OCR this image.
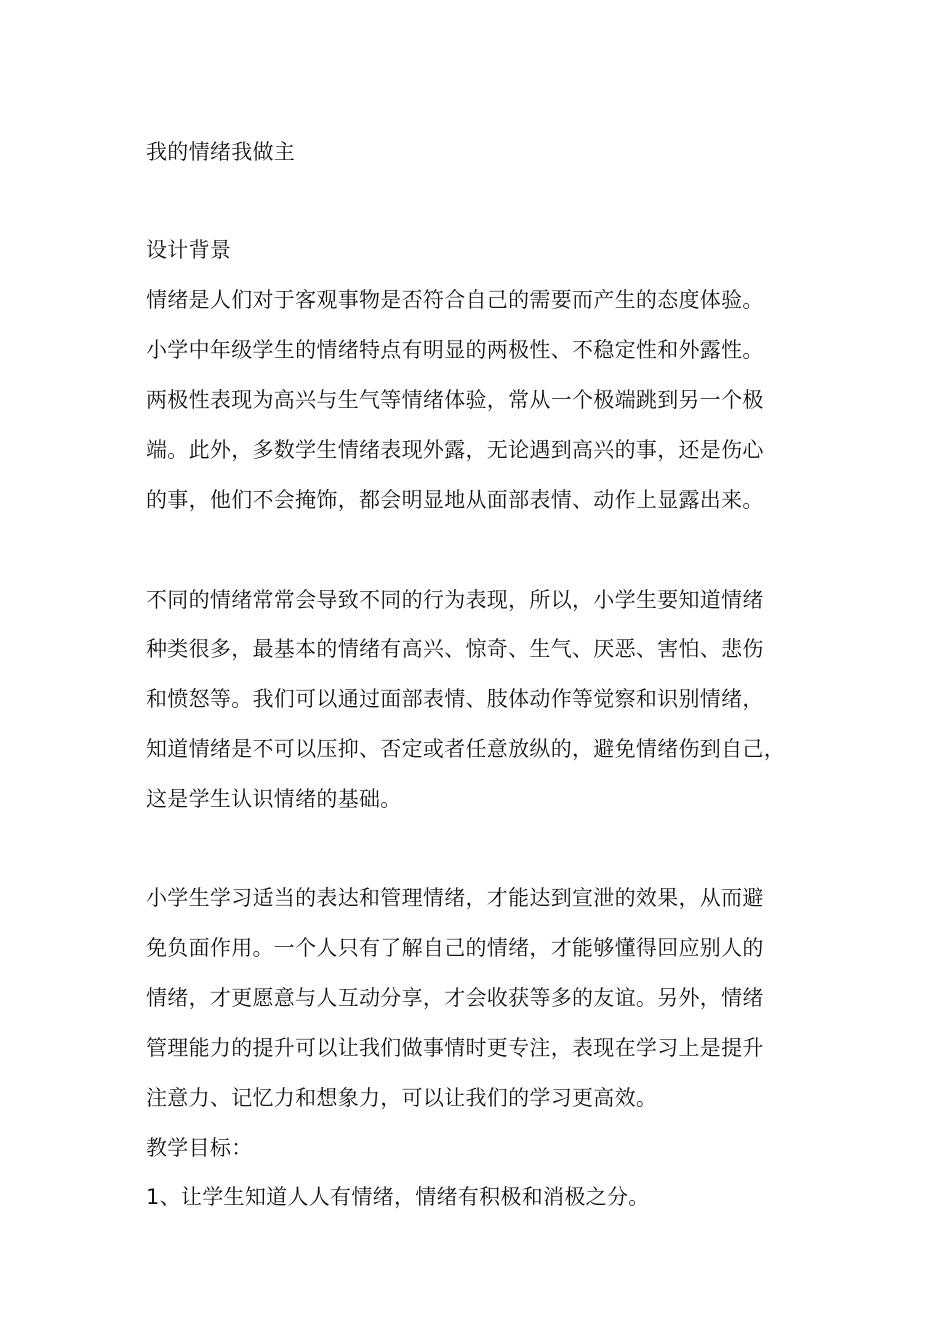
我的情绪我做主
设计背景
情绪是人们对于客观事物是否符合自己的需要而产生的态度体验。
小学中年级学生的情绪特点有明显的两极性、不稳定性和外露性。
两极性表现为高兴与生气等情绪体验，常从一个极端跳到另一个极
端。此外，多数学生情绪表现外露，无论遇到高兴的事，还是伤心
的事，他们不会掩饰，都会明显地从面部表情、动作上显露出来。
不同的情绪常常会导致不同的行为表现，所以，小学生要知道情绪
种类很多，最基本的情绪有高兴、惊奇、生气、厌恶、害怕、悲伤
和愤怒等。我们可以通过面部表情、肢体动作等觉察和识别情绪，
知道情绪是不可以压抑、否定或者任意放纵的，避免情绪伤到自己，
这是学生认识情绪的基础。
小学生学习适当的表达和管理情绪，才能达到宣泄的效果，从而避
免负面作用。一个人只有了解自己的情绪，才能够懂得回应别人的
情绪，才更愿意与人互动分享，才会收获等多的友谊。另外，情绪
管理能力的提升可以让我们做事情时更专注，表现在学习上是提升
注意力、记忆力和想象力，可以让我们的学习更高效。
教学目标：
1、让学生知道人人有情绪，情绪有积极和消极之分。
